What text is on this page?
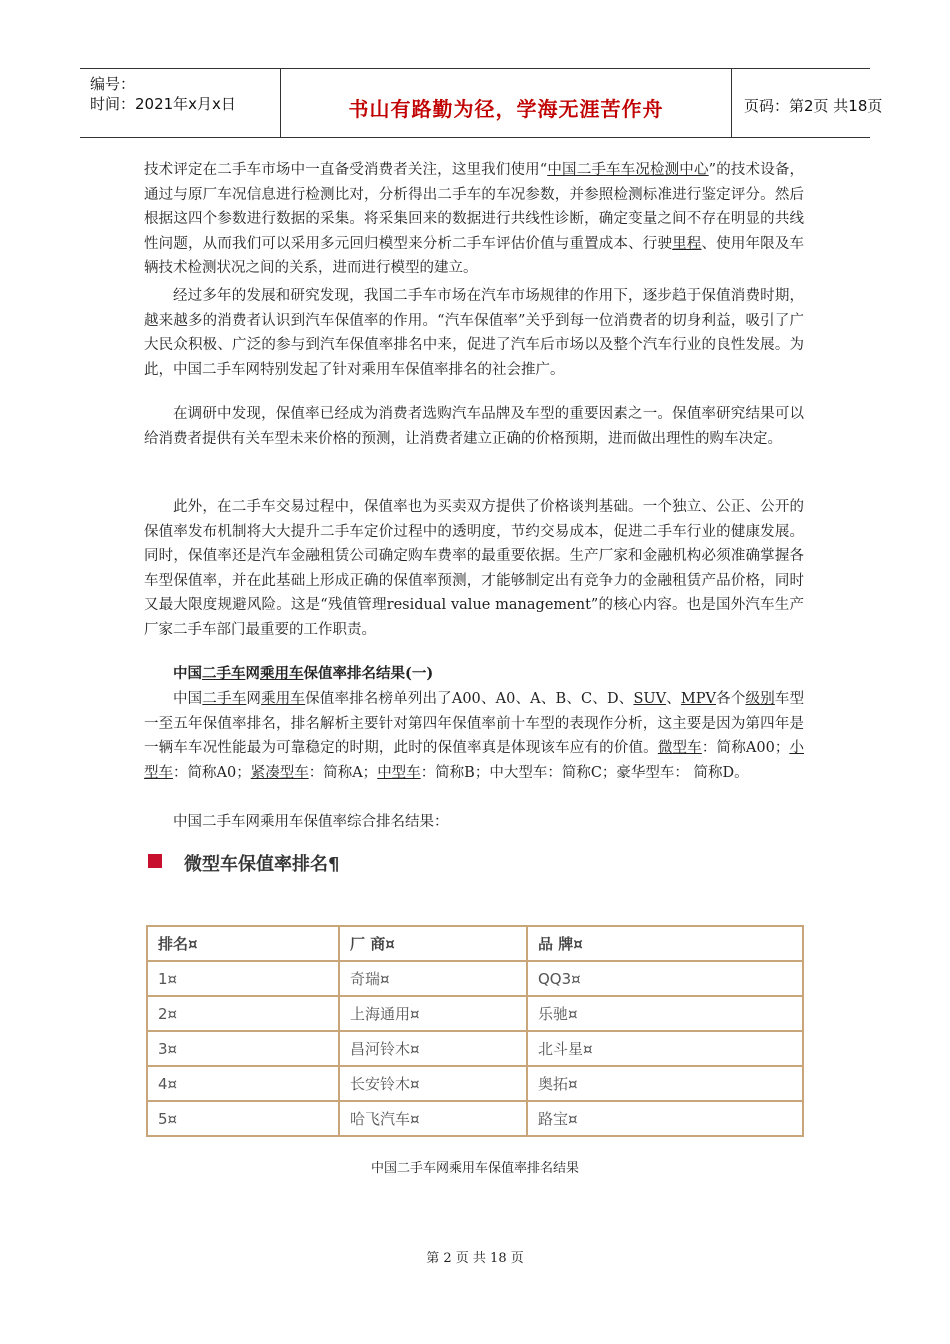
编号：
时间：2021年x月x日	书山有路勤为径，学海无涯苦作舟	页码：第2页 共18页

技术评定在二手车市场中一直备受消费者关注，这里我们使用“中国二手车车况检测中心”的技术设备，通过与原厂车况信息进行检测比对，分析得出二手车的车况参数，并参照检测标准进行鉴定评分。然后根据这四个参数进行数据的采集。将采集回来的数据进行共线性诊断，确定变量之间不存在明显的共线性问题，从而我们可以采用多元回归模型来分析二手车评估价值与重置成本、行驶里程、使用年限及车辆技术检测状况之间的关系，进而进行模型的建立。

经过多年的发展和研究发现，我国二手车市场在汽车市场规律的作用下，逐步趋于保值消费时期，越来越多的消费者认识到汽车保值率的作用。“汽车保值率”关乎到每一位消费者的切身利益，吸引了广大民众积极、广泛的参与到汽车保值率排名中来，促进了汽车后市场以及整个汽车行业的良性发展。为此，中国二手车网特别发起了针对乘用车保值率排名的社会推广。

在调研中发现，保值率已经成为消费者选购汽车品牌及车型的重要因素之一。保值率研究结果可以给消费者提供有关车型未来价格的预测，让消费者建立正确的价格预期，进而做出理性的购车决定。

此外，在二手车交易过程中，保值率也为买卖双方提供了价格谈判基础。一个独立、公正、公开的保值率发布机制将大大提升二手车定价过程中的透明度，节约交易成本，促进二手车行业的健康发展。同时，保值率还是汽车金融租赁公司确定购车费率的最重要依据。生产厂家和金融机构必须准确掌握各车型保值率，并在此基础上形成正确的保值率预测，才能够制定出有竞争力的金融租赁产品价格，同时又最大限度规避风险。这是“残值管理residual value management”的核心内容。也是国外汽车生产厂家二手车部门最重要的工作职责。

中国二手车网乘用车保值率排名结果(一)

中国二手车网乘用车保值率排名榜单列出了A00、A0、A、B、C、D、SUV、MPV各个级别车型一至五年保值率排名，排名解析主要针对第四年保值率前十车型的表现作分析，这主要是因为第四年是一辆车车况性能最为可靠稳定的时期，此时的保值率真是体现该车应有的价值。微型车：简称A00；小型车：简称A0；紧凑型车：简称A；中型车：简称B；中大型车：简称C；豪华型车： 简称D。

中国二手车网乘用车保值率综合排名结果：

微型车保值率排名¶
排名¤	厂 商¤	品 牌¤
1¤	奇瑞¤	QQ3¤
2¤	上海通用¤	乐驰¤
3¤	昌河铃木¤	北斗星¤
4¤	长安铃木¤	奥拓¤
5¤	哈飞汽车¤	路宝¤
中国二手车网乘用车保值率排名结果
第 2 页 共 18 页
